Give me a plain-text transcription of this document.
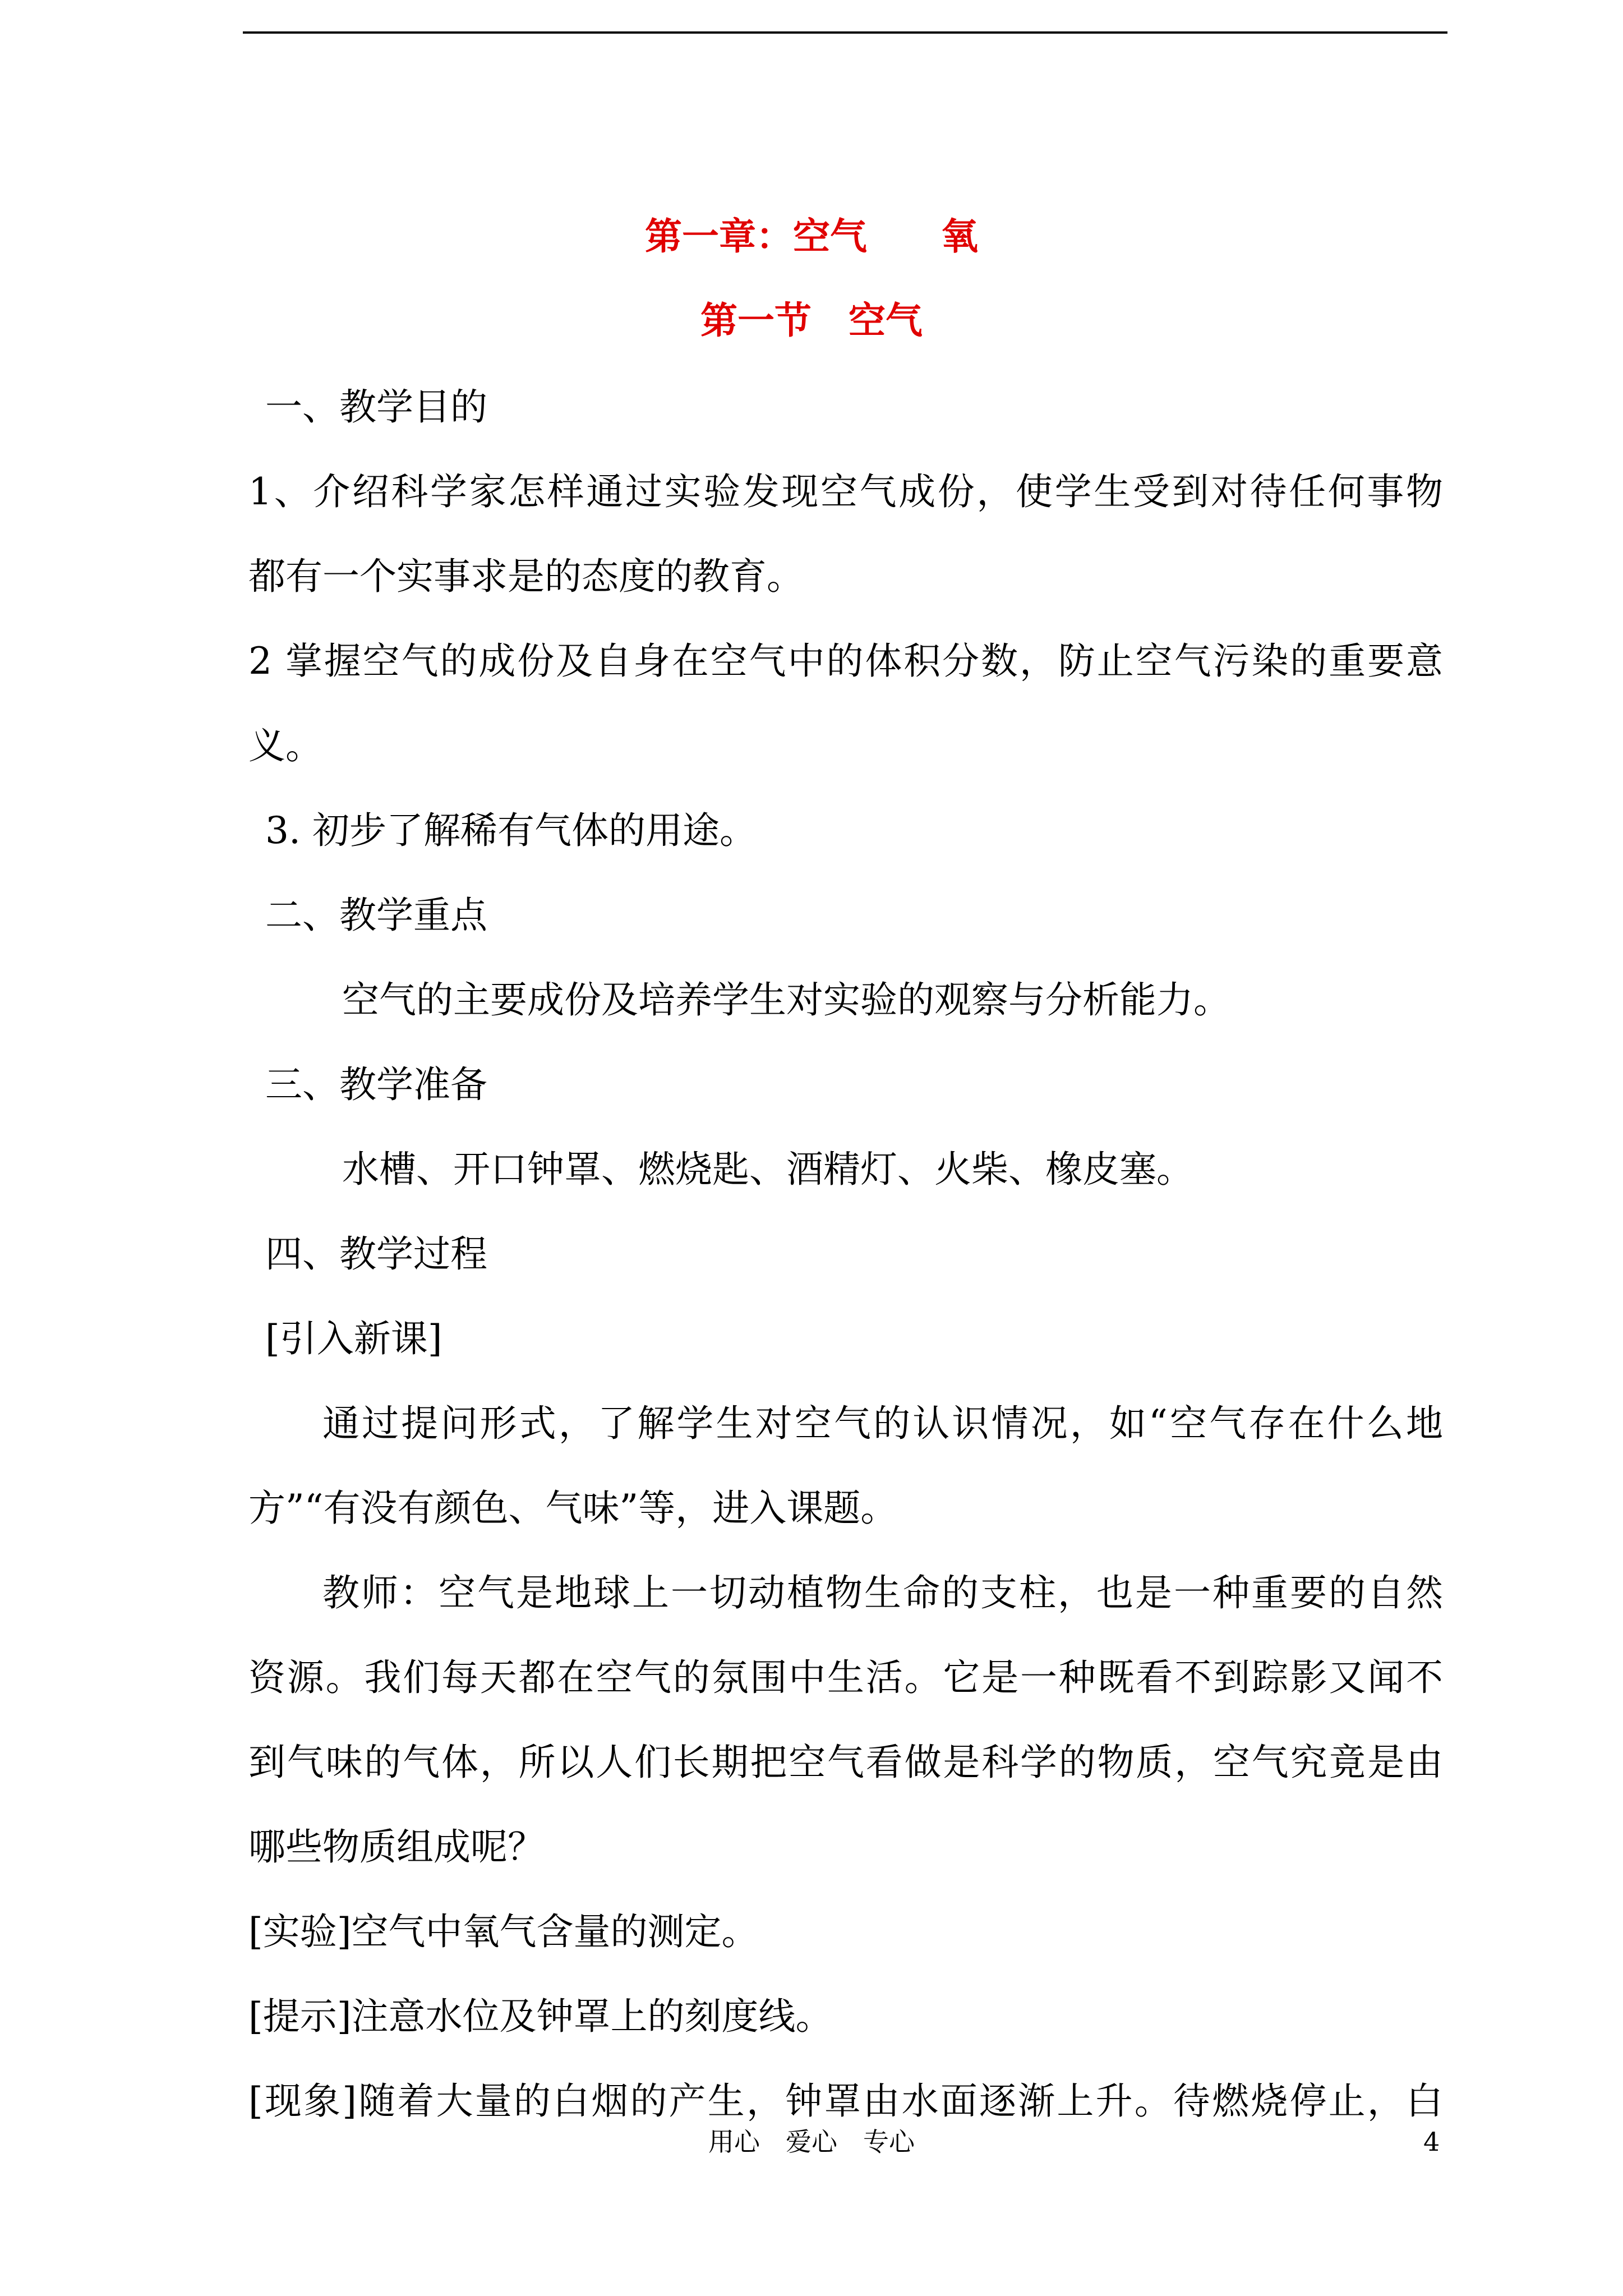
第一章：空气　　氧
第一节　空气
一、教学目的
1、介绍科学家怎样通过实验发现空气成份，使学生受到对待任何事物
都有一个实事求是的态度的教育。
2 掌握空气的成份及自身在空气中的体积分数，防止空气污染的重要意
义。
3. 初步了解稀有气体的用途。
二、教学重点
空气的主要成份及培养学生对实验的观察与分析能力。
三、教学准备
水槽、开口钟罩、燃烧匙、酒精灯、火柴、橡皮塞。
四、教学过程
[引入新课]
通过提问形式，了解学生对空气的认识情况，如“空气存在什么地
方”“有没有颜色、气味”等，进入课题。
教师：空气是地球上一切动植物生命的支柱，也是一种重要的自然
资源。我们每天都在空气的氛围中生活。它是一种既看不到踪影又闻不
到气味的气体，所以人们长期把空气看做是科学的物质，空气究竟是由
哪些物质组成呢？
[实验]空气中氧气含量的测定。
[提示]注意水位及钟罩上的刻度线。
[现象]随着大量的白烟的产生，钟罩由水面逐渐上升。待燃烧停止，白
用心　爱心　专心	4
